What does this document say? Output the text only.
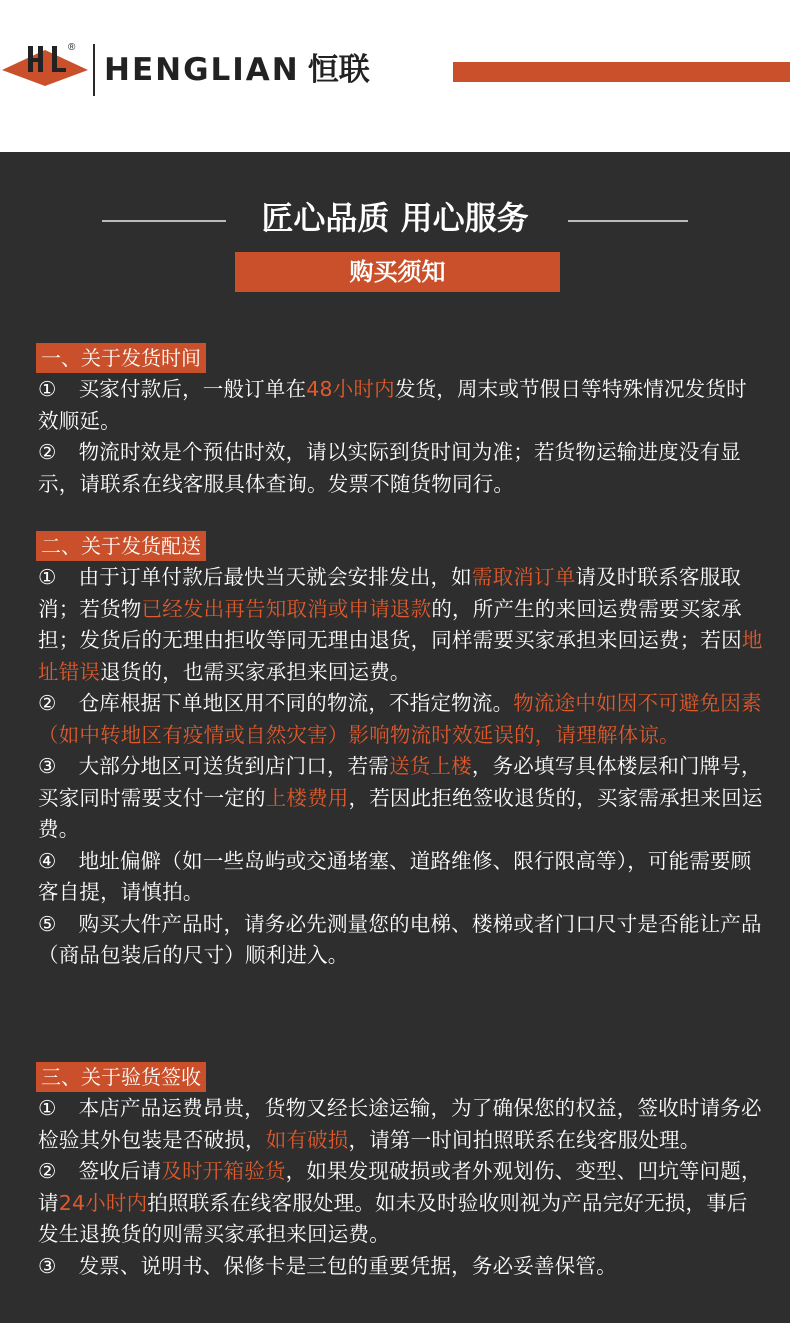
®
HENGLIAN 恒联
匠心品质 用心服务
购买须知
一、关于发货时间

① 买家付款后，一般订单在48小时内发货，周末或节假日等特殊情况发货时效顺延。

② 物流时效是个预估时效，请以实际到货时间为准；若货物运输进度没有显示，请联系在线客服具体查询。发票不随货物同行。

二、关于发货配送

① 由于订单付款后最快当天就会安排发出，如需取消订单请及时联系客服取消；若货物已经发出再告知取消或申请退款的，所产生的来回运费需要买家承担；发货后的无理由拒收等同无理由退货，同样需要买家承担来回运费；若因地址错误退货的，也需买家承担来回运费。

② 仓库根据下单地区用不同的物流，不指定物流。物流途中如因不可避免因素（如中转地区有疫情或自然灾害）影响物流时效延误的，请理解体谅。

③ 大部分地区可送货到店门口，若需送货上楼，务必填写具体楼层和门牌号，买家同时需要支付一定的上楼费用，若因此拒绝签收退货的，买家需承担来回运费。

④ 地址偏僻（如一些岛屿或交通堵塞、道路维修、限行限高等），可能需要顾客自提，请慎拍。

⑤ 购买大件产品时，请务必先测量您的电梯、楼梯或者门口尺寸是否能让产品（商品包装后的尺寸）顺利进入。

三、关于验货签收

① 本店产品运费昂贵，货物又经长途运输，为了确保您的权益，签收时请务必检验其外包装是否破损，如有破损，请第一时间拍照联系在线客服处理。

② 签收后请及时开箱验货，如果发现破损或者外观划伤、变型、凹坑等问题，请24小时内拍照联系在线客服处理。如未及时验收则视为产品完好无损，事后发生退换货的则需买家承担来回运费。

③ 发票、说明书、保修卡是三包的重要凭据，务必妥善保管。
